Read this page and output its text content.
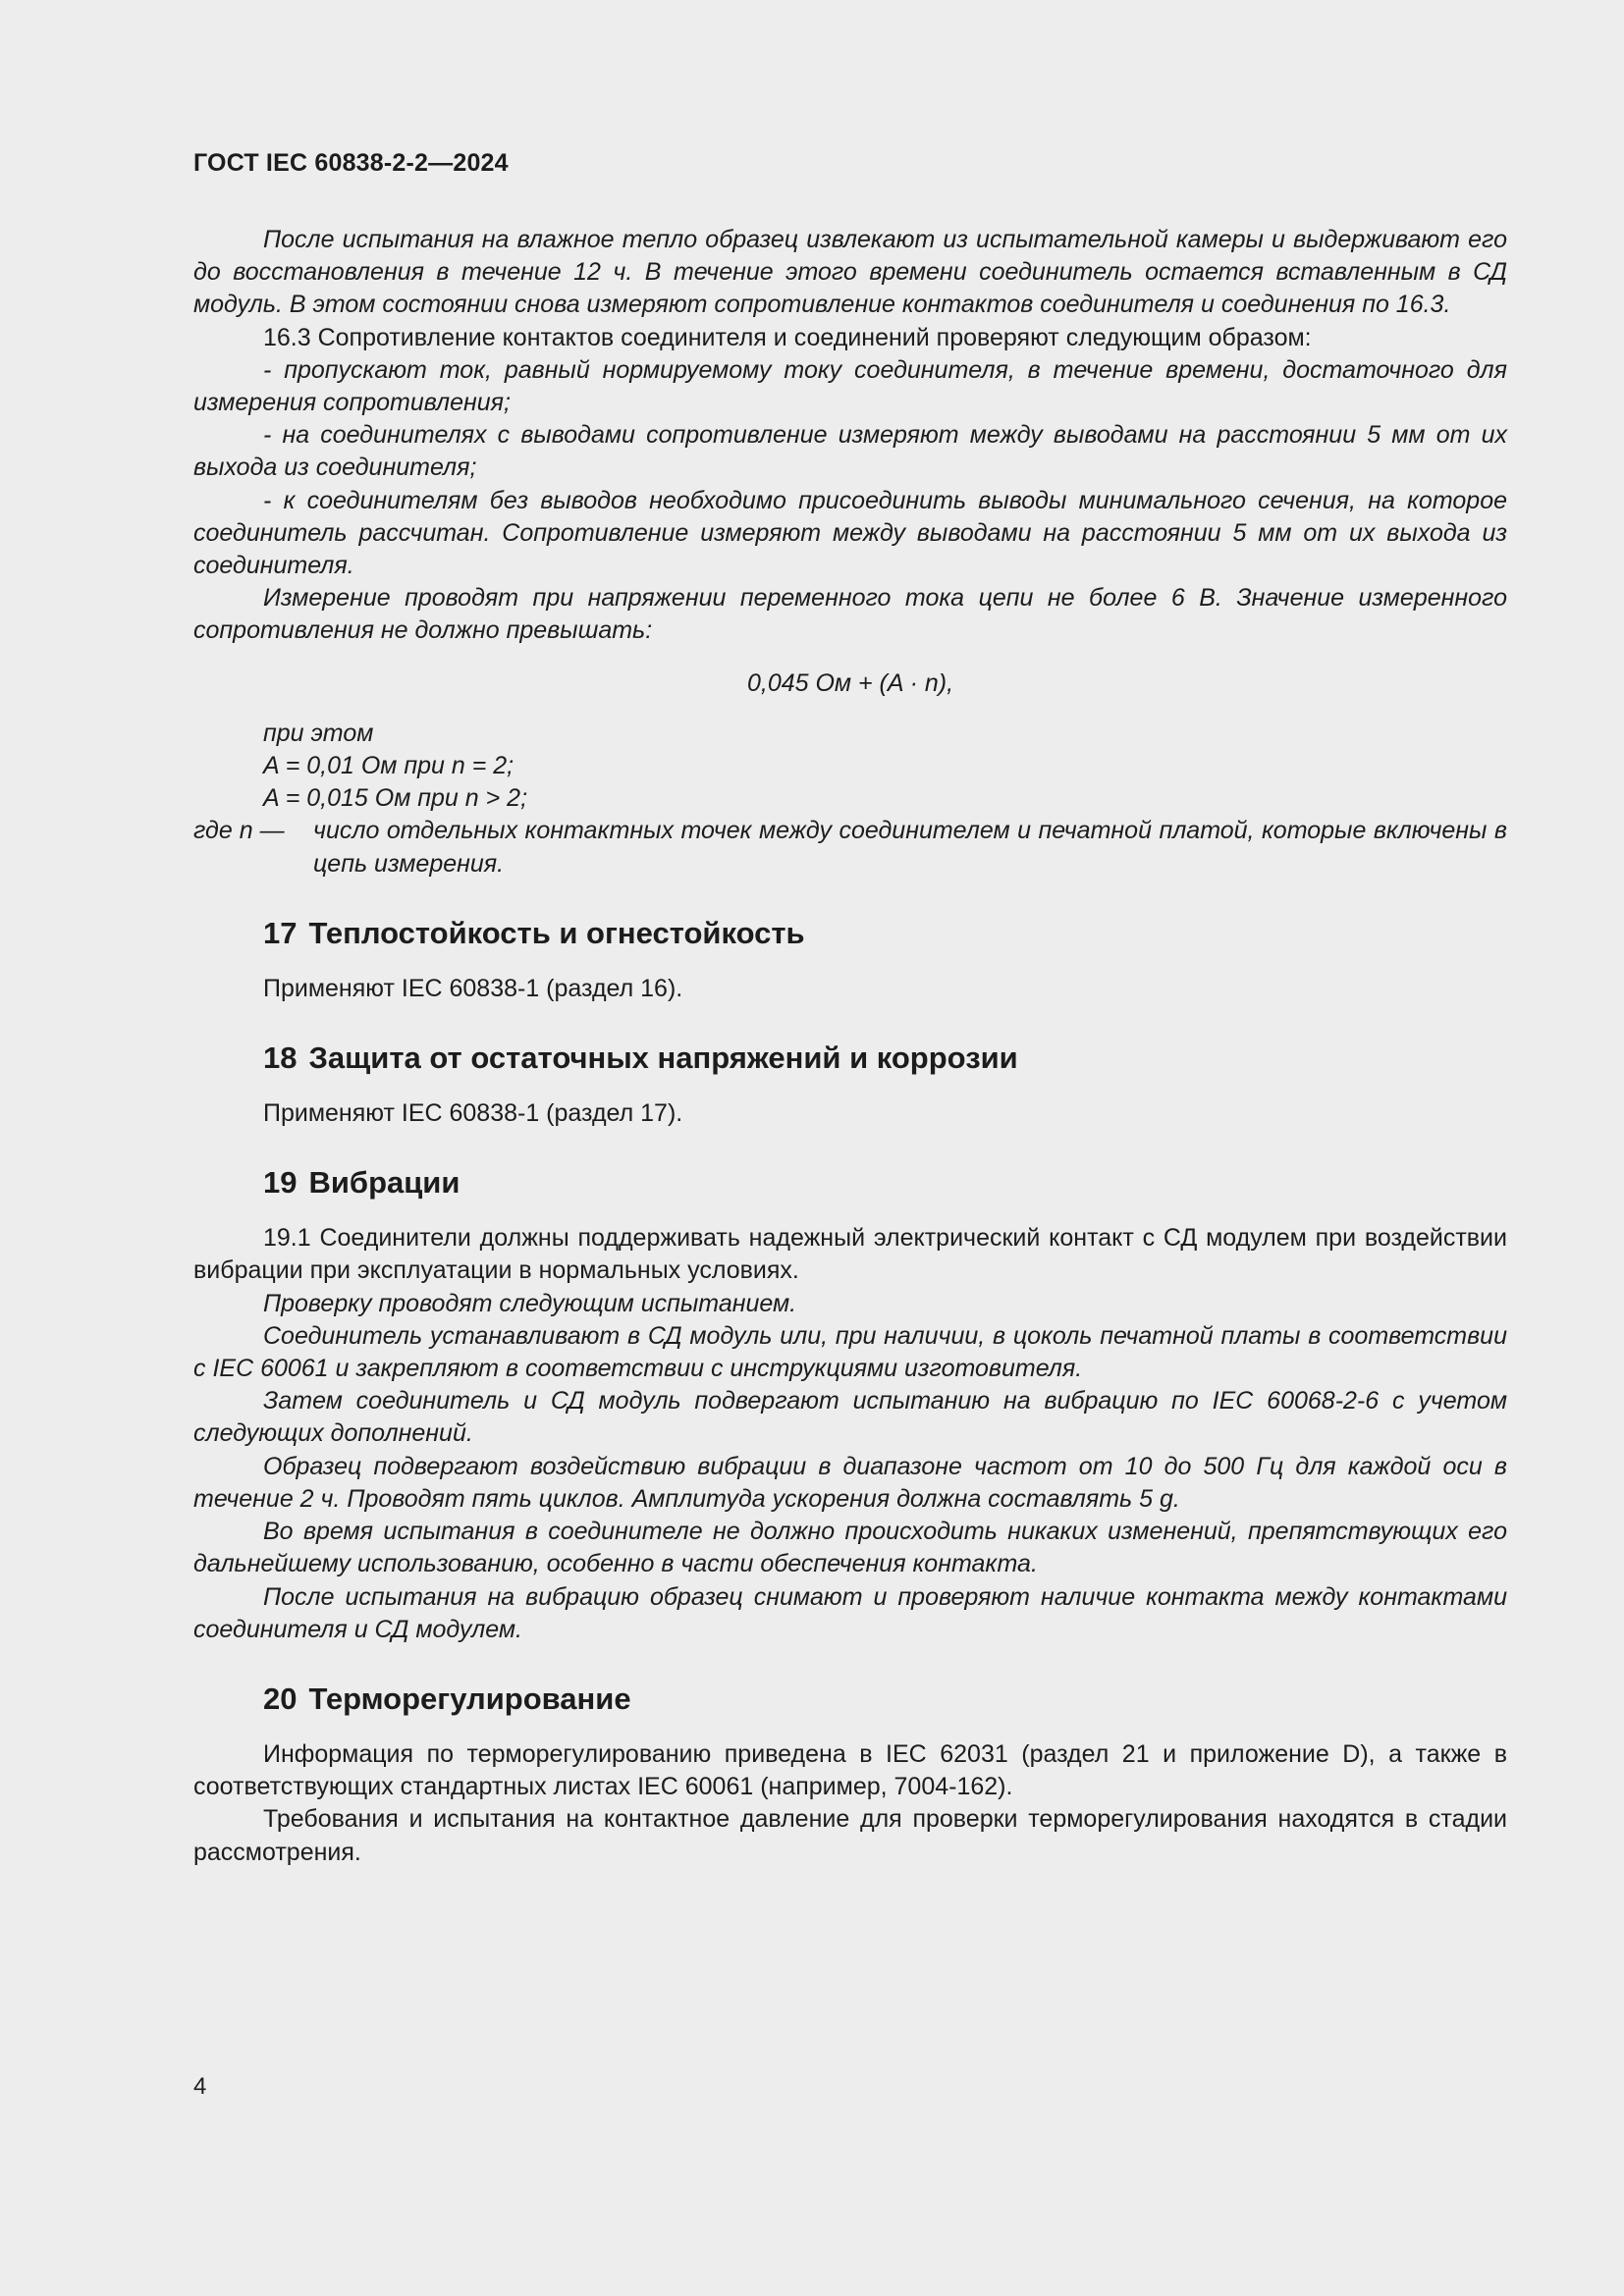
ГОСТ IEC 60838-2-2—2024

После испытания на влажное тепло образец извлекают из испытательной камеры и выдерживают его до восстановления в течение 12 ч. В течение этого времени соединитель остается вставленным в СД модуль. В этом состоянии снова измеряют сопротивление контактов соединителя и соединения по 16.3.

16.3 Сопротивление контактов соединителя и соединений проверяют следующим образом:

- пропускают ток, равный нормируемому току соединителя, в течение времени, достаточного для измерения сопротивления;

- на соединителях с выводами сопротивление измеряют между выводами на расстоянии 5 мм от их выхода из соединителя;

- к соединителям без выводов необходимо присоединить выводы минимального сечения, на которое соединитель рассчитан. Сопротивление измеряют между выводами на расстоянии 5 мм от их выхода из соединителя.

Измерение проводят при напряжении переменного тока цепи не более 6 В. Значение измеренного сопротивления не должно превышать:

0,045 Ом + (A · n),
при этом
A = 0,01 Ом при n = 2;
A = 0,015 Ом при n > 2;
где n —	число отдельных контактных точек между соединителем и печатной платой, которые включены в цепь измерения.
17 Теплостойкость и огнестойкость

Применяют IEC 60838-1 (раздел 16).

18 Защита от остаточных напряжений и коррозии

Применяют IEC 60838-1 (раздел 17).

19 Вибрации

19.1 Соединители должны поддерживать надежный электрический контакт с СД модулем при воздействии вибрации при эксплуатации в нормальных условиях.

Проверку проводят следующим испытанием.

Соединитель устанавливают в СД модуль или, при наличии, в цоколь печатной платы в соответствии с IEC 60061 и закрепляют в соответствии с инструкциями изготовителя.

Затем соединитель и СД модуль подвергают испытанию на вибрацию по IEC 60068-2-6 с учетом следующих дополнений.

Образец подвергают воздействию вибрации в диапазоне частот от 10 до 500 Гц для каждой оси в течение 2 ч. Проводят пять циклов. Амплитуда ускорения должна составлять 5 g.

Во время испытания в соединителе не должно происходить никаких изменений, препятствующих его дальнейшему использованию, особенно в части обеспечения контакта.

После испытания на вибрацию образец снимают и проверяют наличие контакта между контактами соединителя и СД модулем.

20 Терморегулирование

Информация по терморегулированию приведена в IEC 62031 (раздел 21 и приложение D), а также в соответствующих стандартных листах IEC 60061 (например, 7004-162).

Требования и испытания на контактное давление для проверки терморегулирования находятся в стадии рассмотрения.

4
